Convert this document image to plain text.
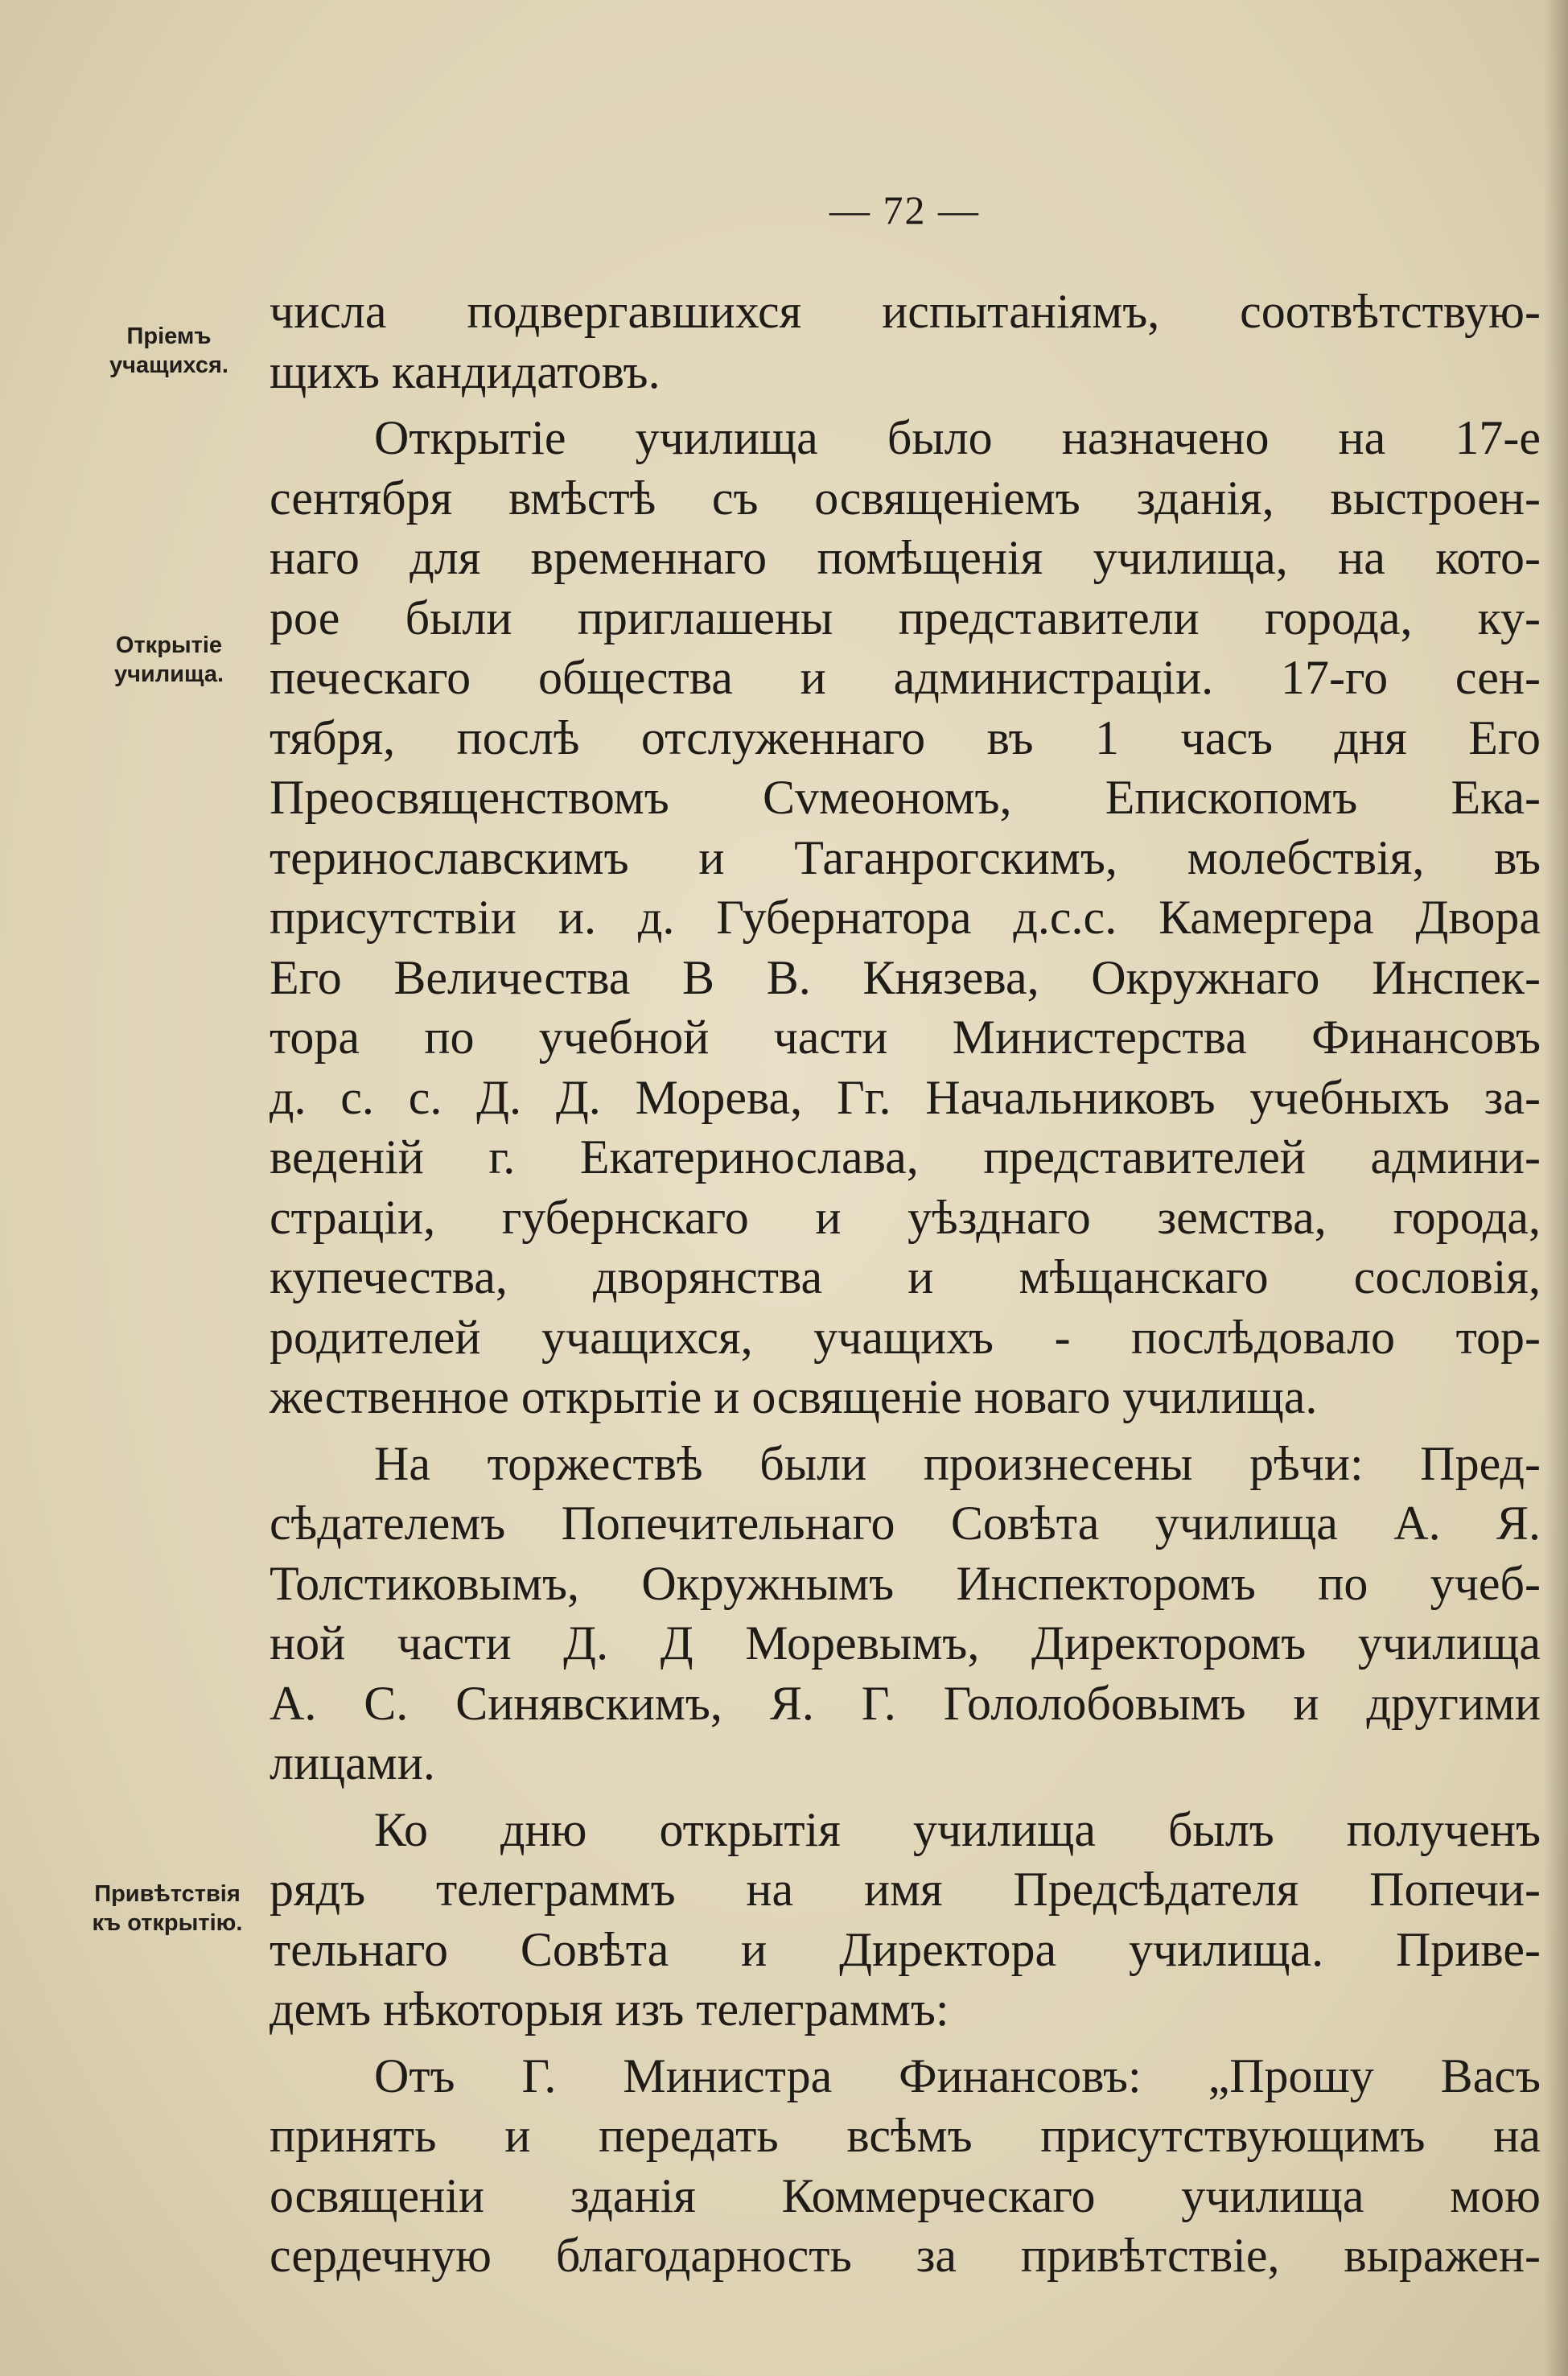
— 72 —
Пріемъ
учащихся.
Открытіе
училища.
Привѣтствія
къ открытію.
числа подвергавшихся испытаніямъ, соотвѣтствую-
щихъ кандидатовъ.
Открытіе училища было назначено на 17-е
сентября вмѣстѣ съ освященіемъ зданія, выстроен-
наго для временнаго помѣщенія училища, на кото-
рое были приглашены представители города, ку-
печескаго общества и администраціи. 17-го сен-
тября, послѣ отслуженнаго въ 1 часъ дня Его
Преосвященствомъ Сvмеономъ, Епископомъ Ека-
теринославскимъ и Таганрогскимъ, молебствія, въ
присутствіи и. д. Губернатора д.с.с. Камергера Двора
Его Величества В В. Князева, Окружнаго Инспек-
тора по учебной части Министерства Финансовъ
д. с. с. Д. Д. Морева, Гг. Начальниковъ учебныхъ за-
веденій г. Екатеринослава, представителей админи-
страціи, губернскаго и уѣзднаго земства, города,
купечества, дворянства и мѣщанскаго сословія,
родителей учащихся, учащихъ - послѣдовало тор-
жественное открытіе и освященіе новаго училища.
На торжествѣ были произнесены рѣчи: Пред-
сѣдателемъ Попечительнаго Совѣта училища А. Я.
Толстиковымъ, Окружнымъ Инспекторомъ по учеб-
ной части Д. Д Моревымъ, Директоромъ училища
А. С. Синявскимъ, Я. Г. Гололобовымъ и другими
лицами.
Ко дню открытія училища былъ полученъ
рядъ телеграммъ на имя Предсѣдателя Попечи-
тельнаго Совѣта и Директора училища. Приве-
демъ нѣкоторыя изъ телеграммъ:
Отъ Г. Министра Финансовъ: „Прошу Васъ
принять и передать всѣмъ присутствующимъ на
освященіи зданія Коммерческаго училища мою
сердечную благодарность за привѣтствіе, выражен-
